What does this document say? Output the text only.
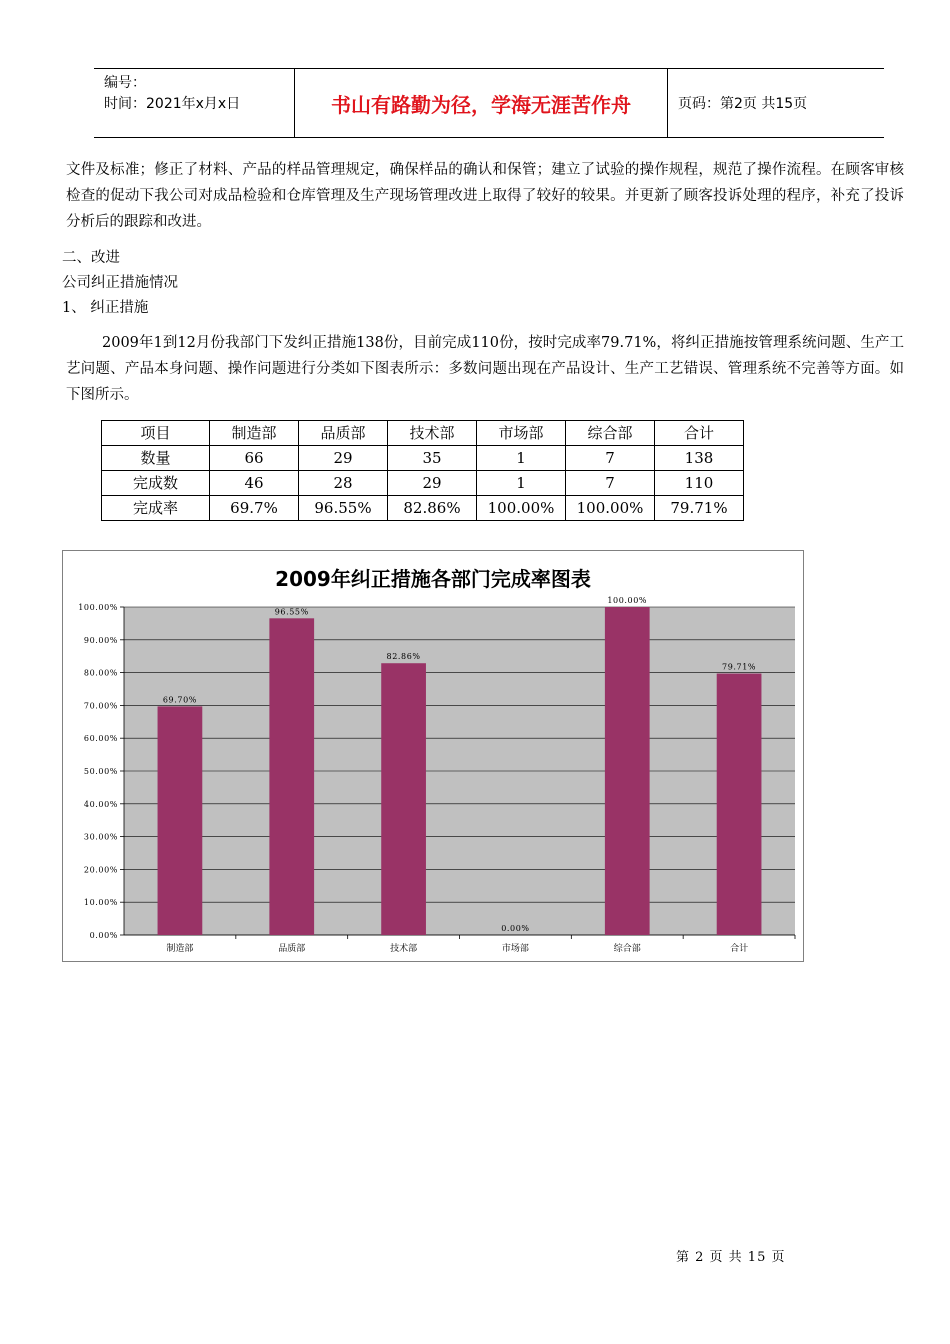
编号：
时间：2021年x月x日	书山有路勤为径，学海无涯苦作舟	页码：第2页 共15页

文件及标准；修正了材料、产品的样品管理规定，确保样品的确认和保管；建立了试验的操作规程，规范了操作流程。在顾客审核检查的促动下我公司对成品检验和仓库管理及生产现场管理改进上取得了较好的较果。并更新了顾客投诉处理的程序，补充了投诉分析后的跟踪和改进。

二、改进

公司纠正措施情况

1、 纠正措施

2009年1到12月份我部门下发纠正措施138份，目前完成110份，按时完成率79.71%，将纠正措施按管理系统问题、生产工艺问题、产品本身问题、操作问题进行分类如下图表所示：多数问题出现在产品设计、生产工艺错误、管理系统不完善等方面。如下图所示。

项目	制造部	品质部	技术部	市场部	综合部	合计
数量	66	29	35	1	7	138
完成数	46	28	29	1	7	110
完成率	69.7%	96.55%	82.86%	100.00%	100.00%	79.71%
2009年纠正措施各部门完成率图表
0.00%
10.00%
20.00%
30.00%
40.00%
50.00%
60.00%
70.00%
80.00%
90.00%
100.00%
69.70%
制造部
96.55%
品质部
82.86%
技术部
0.00%
市场部
100.00%
综合部
79.71%
合计
第 2 页 共 15 页
